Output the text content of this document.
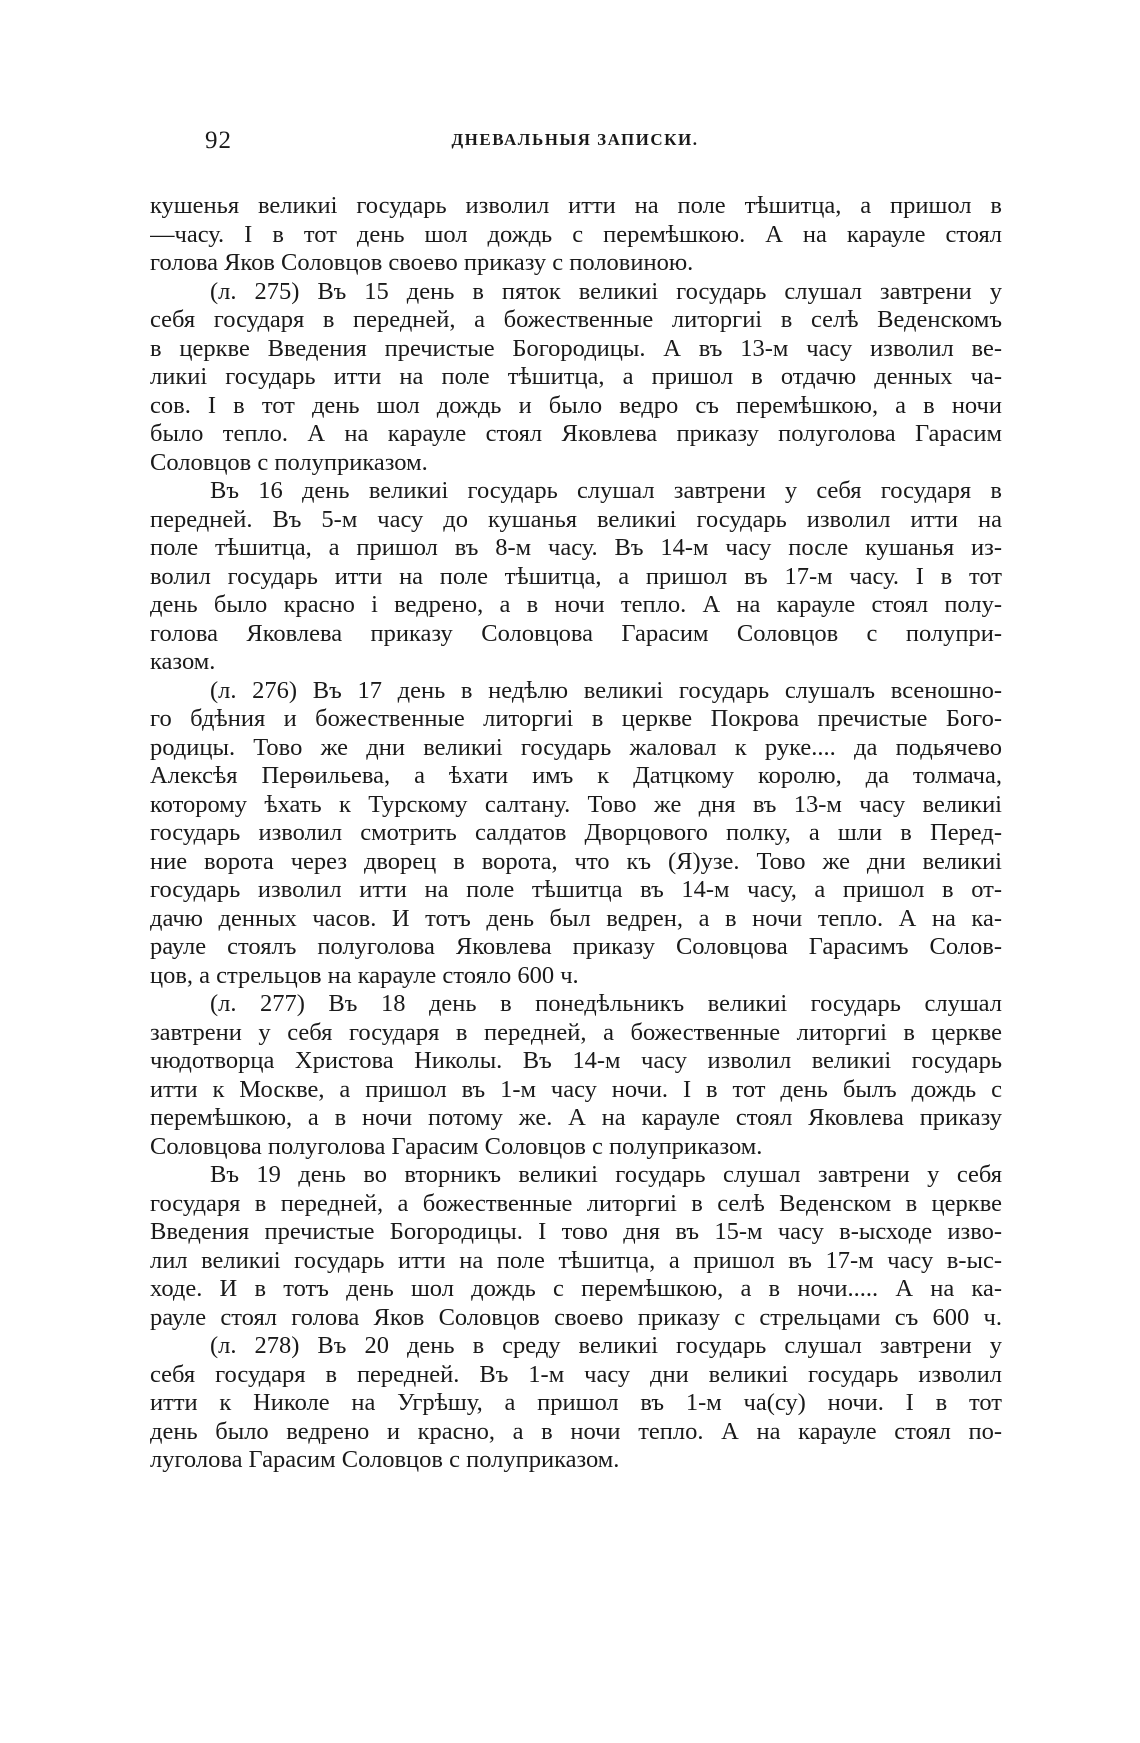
92	ДНЕВАЛЬНЫЯ ЗАПИСКИ.
кушенья великиі государь изволил итти на поле тѣшитца, а пришол в
—часу. І в тот день шол дождь с перемѣшкою. А на карауле стоял
голова Яков Соловцов своево приказу с половиною.
(л. 275) Въ 15 день в пяток великиі государь слушал завтрени у
себя государя в передней, а божественные литоргиі в селѣ Веденскомъ
в церкве Введения пречистые Богородицы. А въ 13-м часу изволил ве-
ликиі государь итти на поле тѣшитца, а пришол в отдачю денных ча-
сов. І в тот день шол дождь и было ведро съ перемѣшкою, а в ночи
было тепло. А на карауле стоял Яковлева приказу полуголова Гарасим
Соловцов с полуприказом.
Въ 16 день великиі государь слушал завтрени у себя государя в
передней. Въ 5-м часу до кушанья великиі государь изволил итти на
поле тѣшитца, а пришол въ 8-м часу. Въ 14-м часу после кушанья из-
волил государь итти на поле тѣшитца, а пришол въ 17-м часу. І в тот
день было красно і ведрено, а в ночи тепло. А на карауле стоял полу-
голова Яковлева приказу Соловцова Гарасим Соловцов с полупри-
казом.
(л. 276) Въ 17 день в недѣлю великиі государь слушалъ всеношно-
го бдѣния и божественные литоргиі в церкве Покрова пречистые Бого-
родицы. Тово же дни великиі государь жаловал к руке.... да подьячево
Алексѣя Перѳильева, а ѣхати имъ к Датцкому королю, да толмача,
которому ѣхать к Турскому салтану. Тово же дня въ 13-м часу великиі
государь изволил смотрить салдатов Дворцового полку, а шли в Перед-
ние ворота через дворец в ворота, что къ (Я)узе. Тово же дни великиі
государь изволил итти на поле тѣшитца въ 14-м часу, а пришол в от-
дачю денных часов. И тотъ день был ведрен, а в ночи тепло. А на ка-
рауле стоялъ полуголова Яковлева приказу Соловцова Гарасимъ Солов-
цов, а стрельцов на карауле стояло 600 ч.
(л. 277) Въ 18 день в понедѣльникъ великиі государь слушал
завтрени у себя государя в передней, а божественные литоргиі в церкве
чюдотворца Христова Николы. Въ 14-м часу изволил великиі государь
итти к Москве, а пришол въ 1-м часу ночи. І в тот день былъ дождь с
перемѣшкою, а в ночи потому же. А на карауле стоял Яковлева приказу
Соловцова полуголова Гарасим Соловцов с полуприказом.
Въ 19 день во вторникъ великиі государь слушал завтрени у себя
государя в передней, а божественные литоргиі в селѣ Веденском в церкве
Введения пречистые Богородицы. І тово дня въ 15-м часу в-ысходе изво-
лил великиі государь итти на поле тѣшитца, а пришол въ 17-м часу в-ыс-
ходе. И в тотъ день шол дождь с перемѣшкою, а в ночи..... А на ка-
рауле стоял голова Яков Соловцов своево приказу с стрельцами съ 600 ч.
(л. 278) Въ 20 день в среду великиі государь слушал завтрени у
себя государя в передней. Въ 1-м часу дни великиі государь изволил
итти к Николе на Угрѣшу, а пришол въ 1-м ча(су) ночи. І в тот
день было ведрено и красно, а в ночи тепло. А на карауле стоял по-
луголова Гарасим Соловцов с полуприказом.
